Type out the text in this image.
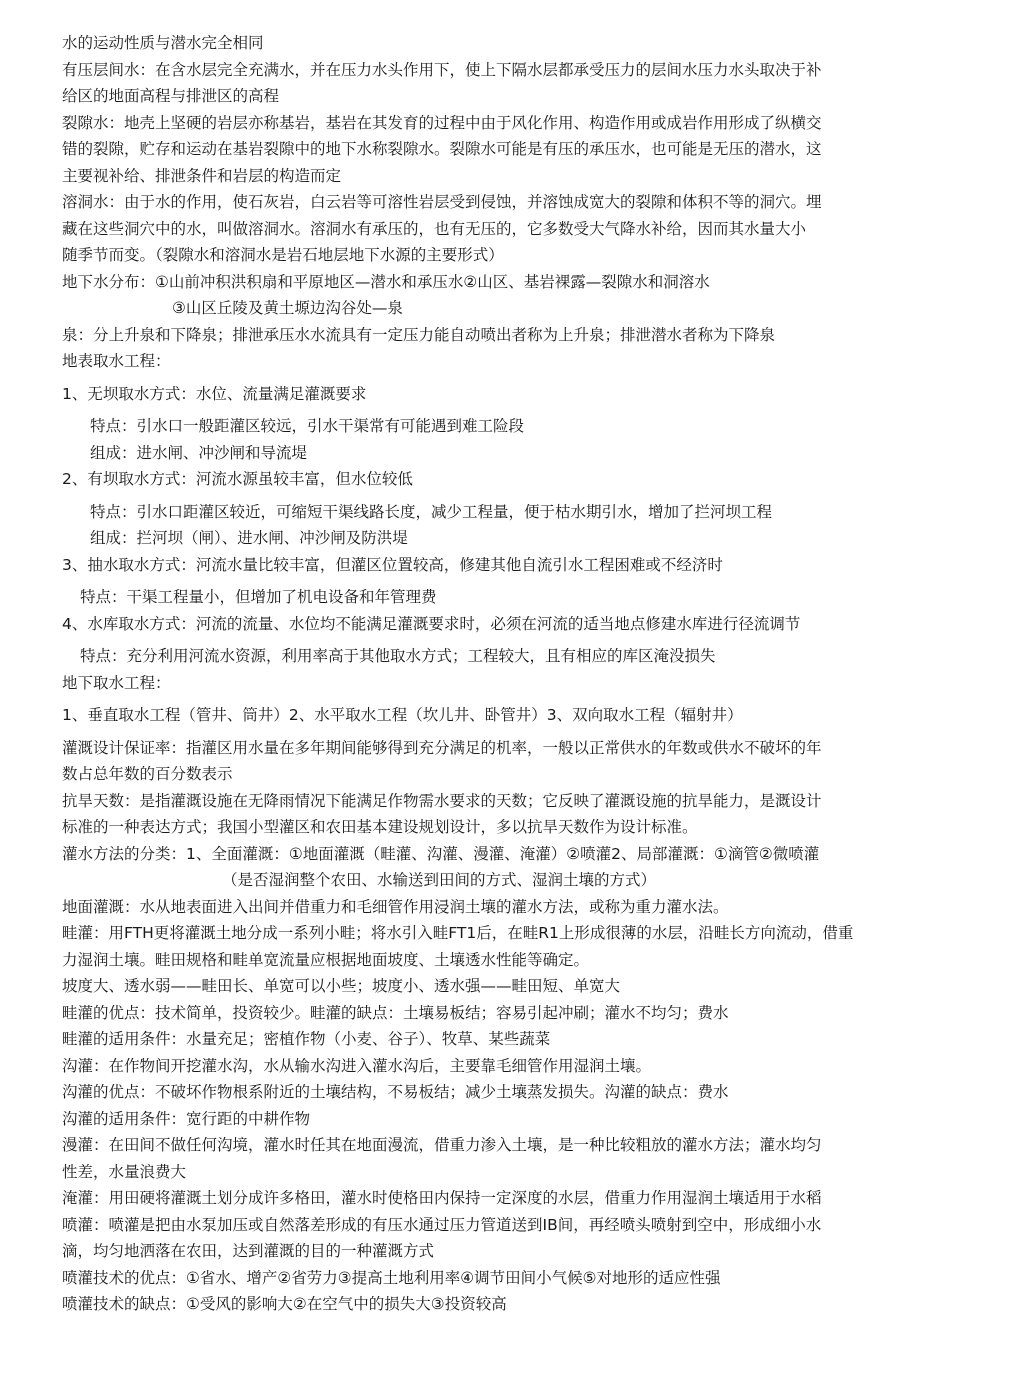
水的运动性质与潜水完全相同
有压层间水：在含水层完全充满水，并在压力水头作用下，使上下隔水层都承受压力的层间水压力水头取决于补
给区的地面高程与排泄区的高程
裂隙水：地壳上坚硬的岩层亦称基岩，基岩在其发育的过程中由于风化作用、构造作用或成岩作用形成了纵横交
错的裂隙，贮存和运动在基岩裂隙中的地下水称裂隙水。裂隙水可能是有压的承压水，也可能是无压的潜水，这
主要视补给、排泄条件和岩层的构造而定
溶洞水：由于水的作用，使石灰岩，白云岩等可溶性岩层受到侵蚀，并溶蚀成宽大的裂隙和体积不等的洞穴。埋
藏在这些洞穴中的水，叫做溶洞水。溶洞水有承压的，也有无压的，它多数受大气降水补给，因而其水量大小
随季节而变。（裂隙水和溶洞水是岩石地层地下水源的主要形式）
地下水分布：①山前冲积洪积扇和平原地区—潜水和承压水②山区、基岩裸露—裂隙水和洞溶水
③山区丘陵及黄土塬边沟谷处—泉
泉：分上升泉和下降泉；排泄承压水水流具有一定压力能自动喷出者称为上升泉；排泄潜水者称为下降泉
地表取水工程：
1、无坝取水方式：水位、流量满足灌溉要求
特点：引水口一般距灌区较远，引水干渠常有可能遇到难工险段
组成：进水闸、冲沙闸和导流堤
2、有坝取水方式：河流水源虽较丰富，但水位较低
特点：引水口距灌区较近，可缩短干渠线路长度，减少工程量，便于枯水期引水，增加了拦河坝工程
组成：拦河坝（闸）、进水闸、冲沙闸及防洪堤
3、抽水取水方式：河流水量比较丰富，但灌区位置较高，修建其他自流引水工程困难或不经济时
特点：干渠工程量小，但增加了机电设备和年管理费
4、水库取水方式：河流的流量、水位均不能满足灌溉要求时，必须在河流的适当地点修建水库进行径流调节
特点：充分利用河流水资源，利用率高于其他取水方式；工程较大，且有相应的库区淹没损失
地下取水工程：
1、垂直取水工程（管井、筒井）2、水平取水工程（坎儿井、卧管井）3、双向取水工程（辐射井）
灌溉设计保证率：指灌区用水量在多年期间能够得到充分满足的机率，一般以正常供水的年数或供水不破坏的年
数占总年数的百分数表示
抗旱天数：是指灌溉设施在无降雨情况下能满足作物需水要求的天数；它反映了灌溉设施的抗旱能力，是溉设计
标准的一种表达方式；我国小型灌区和农田基本建设规划设计，多以抗旱天数作为设计标准。
灌水方法的分类：1、全面灌溉：①地面灌溉（畦灌、沟灌、漫灌、淹灌）②喷灌2、局部灌溉：①滴管②微喷灌
（是否湿润整个农田、水输送到田间的方式、湿润土壤的方式）
地面灌溉：水从地表面进入出间并借重力和毛细管作用浸润土壤的灌水方法，或称为重力灌水法。
畦灌：用FTH更将灌溉土地分成一系列小畦；将水引入畦FT1后，在畦R1上形成很薄的水层，沿畦长方向流动，借重
力湿润土壤。畦田规格和畦单宽流量应根据地面坡度、土壤透水性能等确定。
坡度大、透水弱——畦田长、单宽可以小些；坡度小、透水强——畦田短、单宽大
畦灌的优点：技术简单，投资较少。畦灌的缺点：土壤易板结；容易引起冲刷；灌水不均匀；费水
畦灌的适用条件：水量充足；密植作物（小麦、谷子）、牧草、某些蔬菜
沟灌：在作物间开挖灌水沟，水从输水沟进入灌水沟后，主要靠毛细管作用湿润土壤。
沟灌的优点：不破坏作物根系附近的土壤结构，不易板结；减少土壤蒸发损失。沟灌的缺点：费水
沟灌的适用条件：宽行距的中耕作物
漫灌：在田间不做任何沟境，灌水时任其在地面漫流，借重力渗入土壤，是一种比较粗放的灌水方法；灌水均匀
性差，水量浪费大
淹灌：用田硬将灌溉土划分成许多格田，灌水时使格田内保持一定深度的水层，借重力作用湿润土壤适用于水稻
喷灌：喷灌是把由水泵加压或自然落差形成的有压水通过压力管道送到IB间，再经喷头喷射到空中，形成细小水
滴，均匀地洒落在农田，达到灌溉的目的一种灌溉方式
喷灌技术的优点：①省水、增产②省劳力③提高土地利用率④调节田间小气候⑤对地形的适应性强
喷灌技术的缺点：①受风的影响大②在空气中的损失大③投资较高
